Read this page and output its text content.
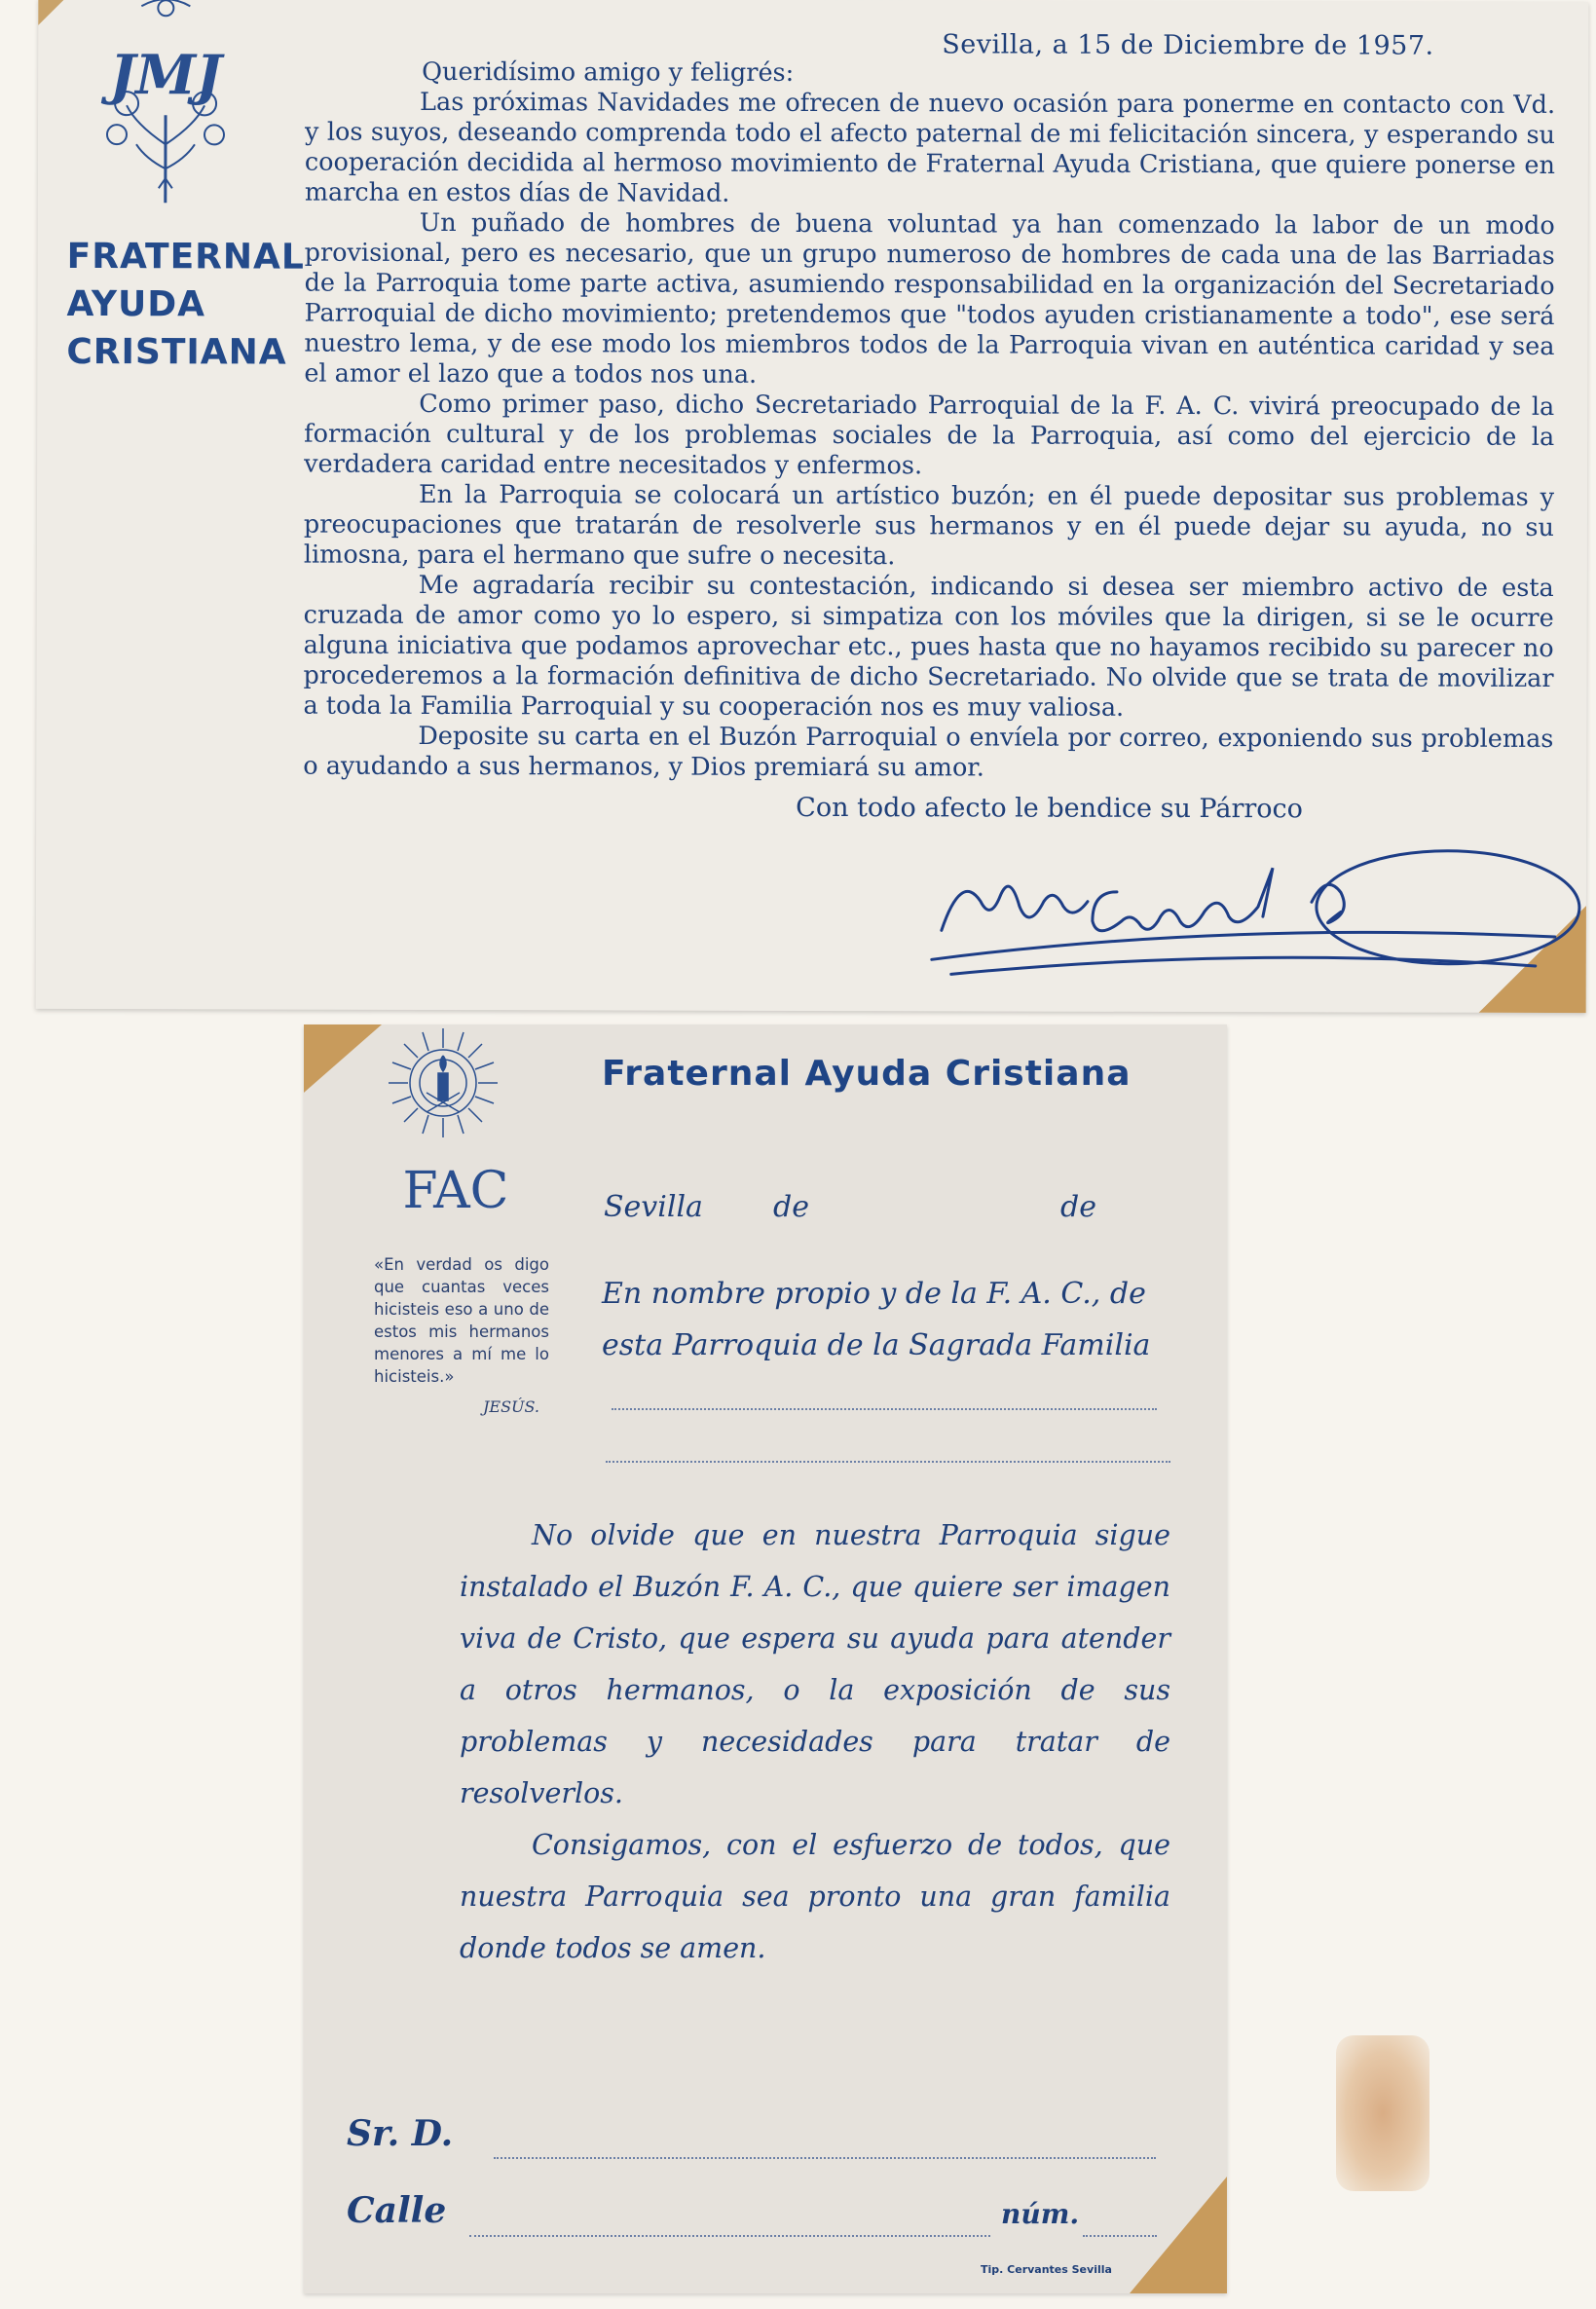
JMJ
FRATERNAL
AYUDA
CRISTIANA
Sevilla, a 15 de Diciembre de 1957.

Queridísimo amigo y feligrés:

Las próximas Navidades me ofrecen de nuevo ocasión para ponerme en contacto con Vd. y los suyos, deseando comprenda todo el afecto paternal de mi felicitación sincera, y esperando su cooperación decidida al hermoso movimiento de Fraternal Ayuda Cristiana, que quiere ponerse en marcha en estos días de Navidad.

Un puñado de hombres de buena voluntad ya han comenzado la labor de un modo provisional, pero es necesario, que un grupo numeroso de hombres de cada una de las Barriadas de la Parroquia tome parte activa, asumiendo responsabilidad en la organización del Secretariado Parroquial de dicho movimiento; pretendemos que "todos ayuden cristianamente a todo", ese será nuestro lema, y de ese modo los miembros todos de la Parroquia vivan en auténtica caridad y sea el amor el lazo que a todos nos una.

Como primer paso, dicho Secretariado Parroquial de la F. A. C. vivirá preocupado de la formación cultural y de los problemas sociales de la Parroquia, así como del ejercicio de la verdadera caridad entre necesitados y enfermos.

En la Parroquia se colocará un artístico buzón; en él puede depositar sus problemas y preocupaciones que tratarán de resolverle sus hermanos y en él puede dejar su ayuda, no su limosna, para el hermano que sufre o necesita.

Me agradaría recibir su contestación, indicando si desea ser miembro activo de esta cruzada de amor como yo lo espero, si simpatiza con los móviles que la dirigen, si se le ocurre alguna iniciativa que podamos aprovechar etc., pues hasta que no hayamos recibido su parecer no procederemos a la formación definitiva de dicho Secretariado. No olvide que se trata de movilizar a toda la Familia Parroquial y su cooperación nos es muy valiosa.

Deposite su carta en el Buzón Parroquial o envíela por correo, exponiendo sus problemas o ayudando a sus hermanos, y Dios premiará su amor.

Con todo afecto le bendice su Párroco
FAC
Fraternal Ayuda Cristiana
Sevilla de	de
«En verdad os digo que cuantas veces hicisteis eso a uno de estos mis hermanos menores a mí me lo hicisteis.»
JESÚS.
En nombre propio y de la F. A. C., de esta Parroquia de la Sagrada Familia

No olvide que en nuestra Parroquia sigue instalado el Buzón F. A. C., que quiere ser imagen viva de Cristo, que espera su ayuda para atender a otros hermanos, o la exposición de sus problemas y necesidades para tratar de resolverlos.

Consigamos, con el esfuerzo de todos, que nuestra Parroquia sea pronto una gran familia donde todos se amen.

Sr. D.
Calle	núm.
Tip. Cervantes Sevilla
